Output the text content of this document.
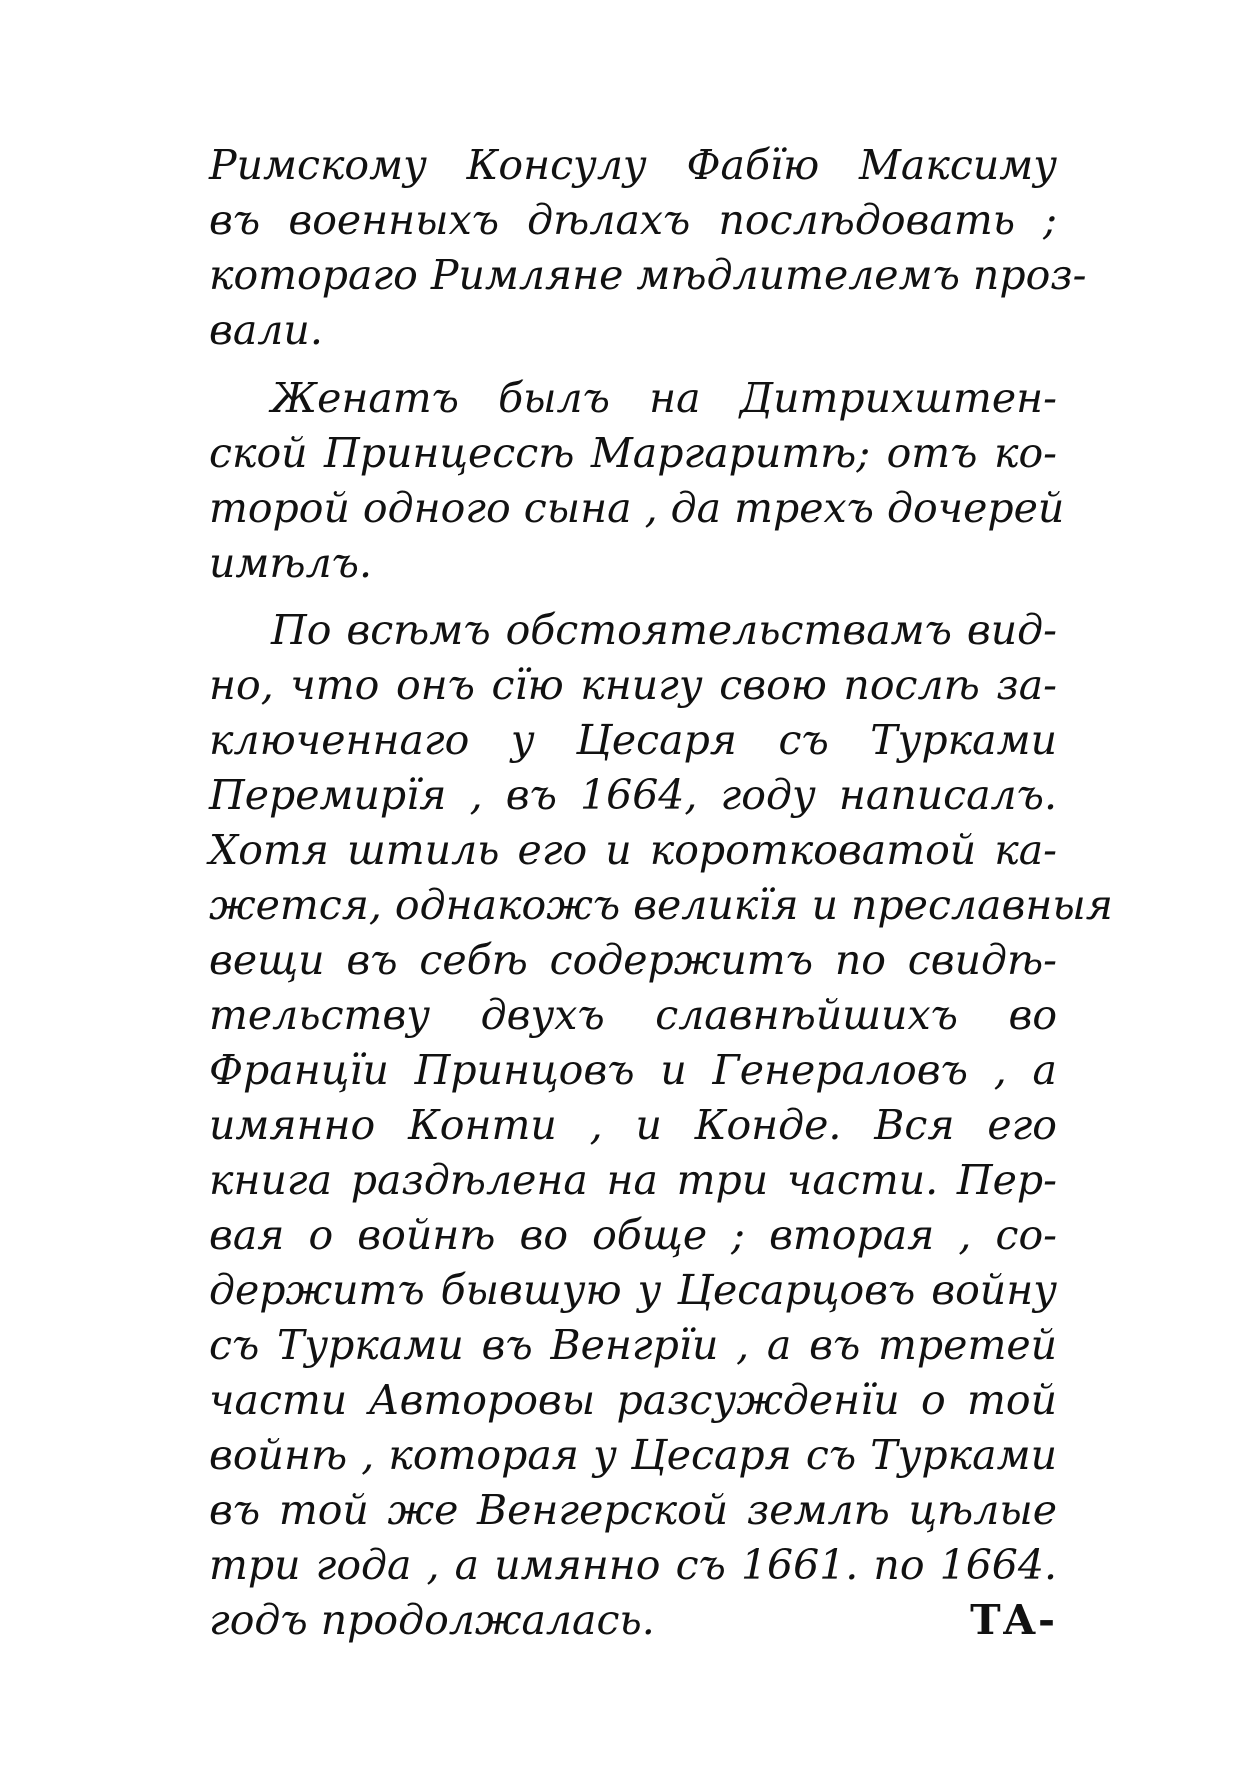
Римскому Консулу Фабїю Максиму
въ военныхъ дѣлахъ послѣдовать ;
котораго Римляне мѣдлителемъ проз-
вали.
Женатъ былъ на Дитрихштен-
ской Принцессѣ Маргаритѣ; отъ ко-
торой одного сына , да трехъ дочерей
имѣлъ.
По всѣмъ обстоятельствамъ вид-
но, что онъ сїю книгу свою послѣ за-
ключеннаго у Цесаря съ Турками
Перемирїя , въ 1664, году написалъ.
Хотя штиль его и коротковатой ка-
жется, однакожъ великїя и преславныя
вещи въ себѣ содержитъ по свидѣ-
тельству двухъ славнѣйшихъ во
Францїи Принцовъ и Генераловъ , а
имянно Конти , и Конде. Вся его
книга раздѣлена на три части. Пер-
вая о войнѣ во обще ; вторая , со-
держитъ бывшую у Цесарцовъ войну
съ Турками въ Венгрїи , а въ третей
части Авторовы разсужденїи о той
войнѣ , которая у Цесаря съ Турками
въ той же Венгерской землѣ цѣлые
три года , а имянно съ 1661. по 1664.
годъ продолжалась.	ТА-
